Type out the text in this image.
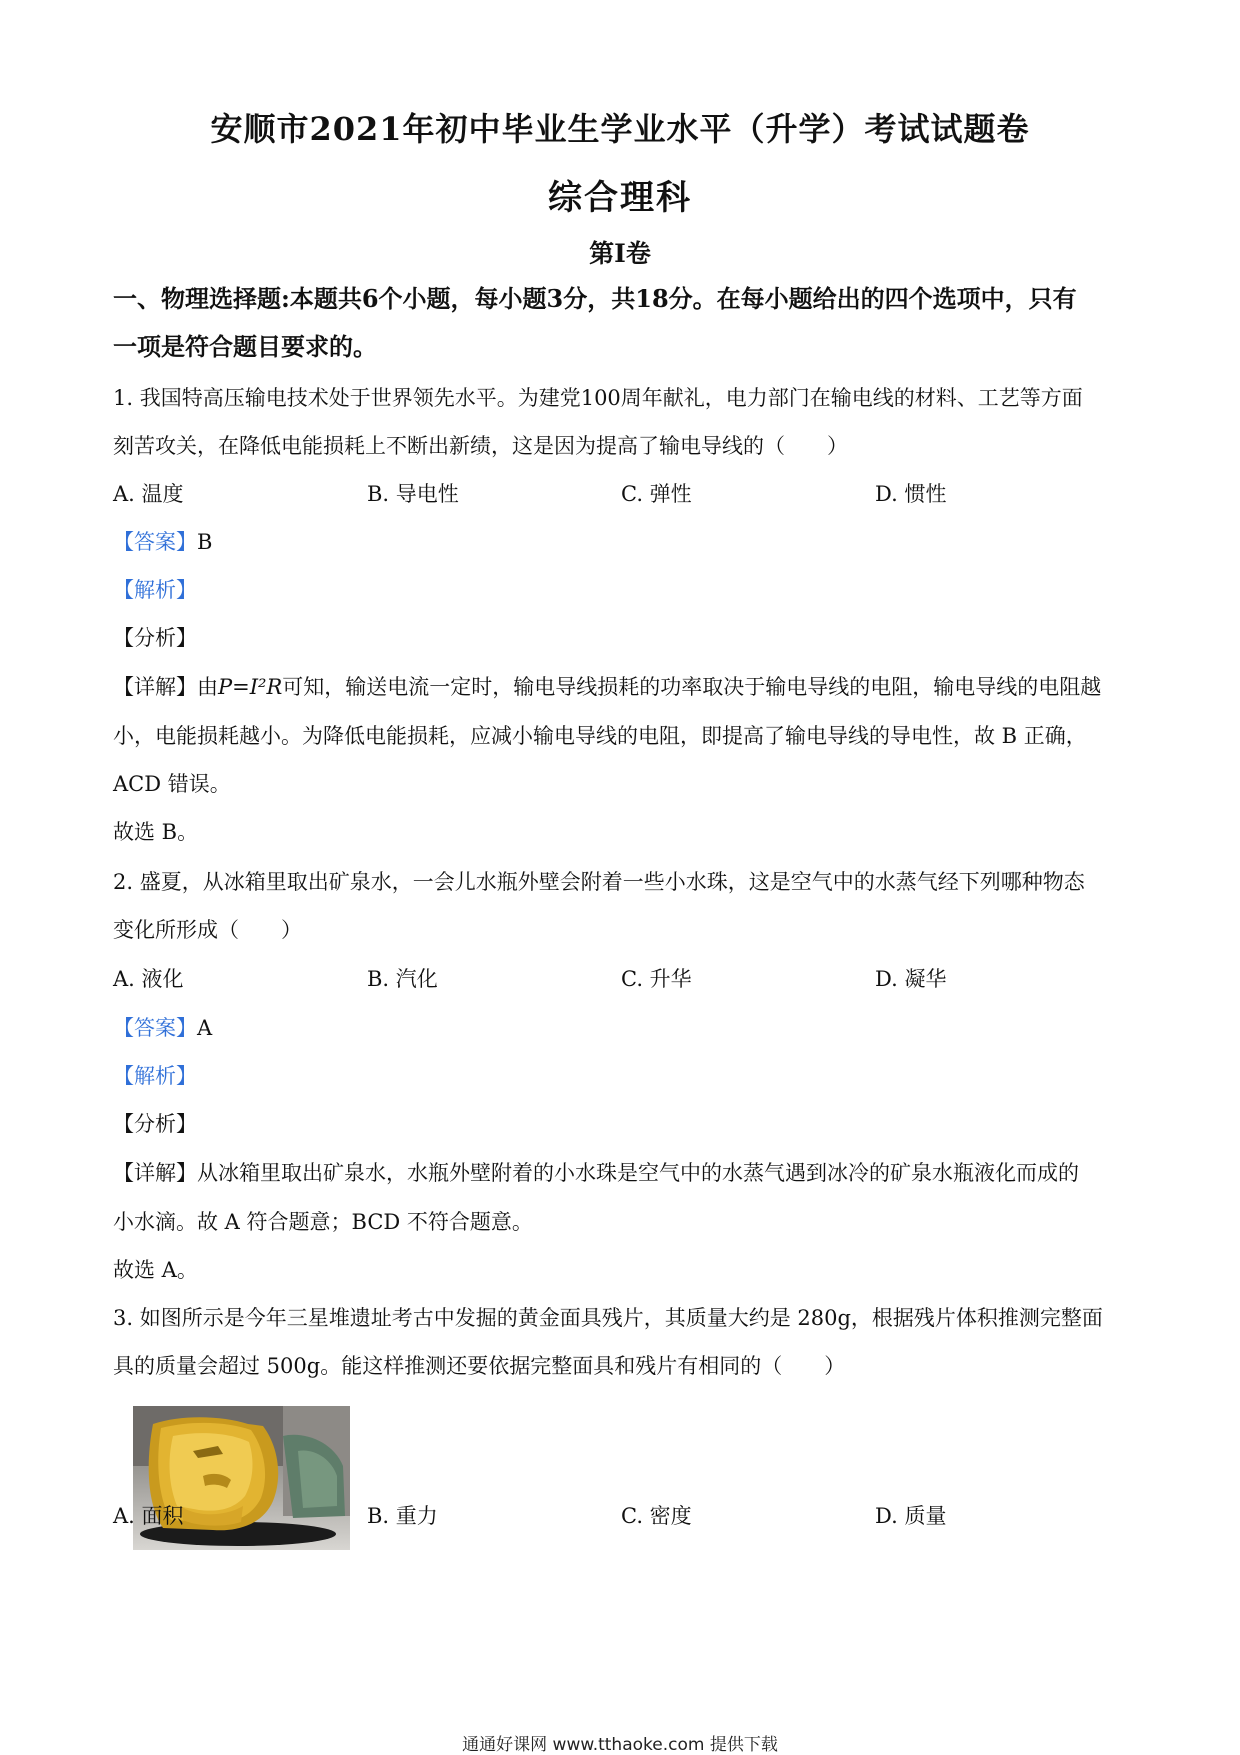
安顺市2021年初中毕业生学业水平（升学）考试试题卷
综合理科
第Ⅰ卷
一、物理选择题:本题共6个小题，每小题3分，共18分。在每小题给出的四个选项中，只有
一项是符合题目要求的。
1. 我国特高压输电技术处于世界领先水平。为建党100周年献礼，电力部门在输电线的材料、工艺等方面
刻苦攻关，在降低电能损耗上不断出新绩，这是因为提高了输电导线的（　　）
A. 温度	B. 导电性	C. 弹性	D. 惯性
【答案】B
【解析】
【分析】
【详解】由P=I²R可知，输送电流一定时，输电导线损耗的功率取决于输电导线的电阻，输电导线的电阻越
小，电能损耗越小。为降低电能损耗，应减小输电导线的电阻，即提高了输电导线的导电性，故 B 正确，
ACD 错误。
故选 B。
2. 盛夏，从冰箱里取出矿泉水，一会儿水瓶外壁会附着一些小水珠，这是空气中的水蒸气经下列哪种物态
变化所形成（　　）
A. 液化	B. 汽化	C. 升华	D. 凝华
【答案】A
【解析】
【分析】
【详解】从冰箱里取出矿泉水，水瓶外壁附着的小水珠是空气中的水蒸气遇到冰冷的矿泉水瓶液化而成的
小水滴。故 A 符合题意；BCD 不符合题意。
故选 A。
3. 如图所示是今年三星堆遗址考古中发掘的黄金面具残片，其质量大约是 280g，根据残片体积推测完整面
具的质量会超过 500g。能这样推测还要依据完整面具和残片有相同的（　　）
A. 面积	B. 重力	C. 密度	D. 质量
通通好课网 www.tthaoke.com 提供下载
